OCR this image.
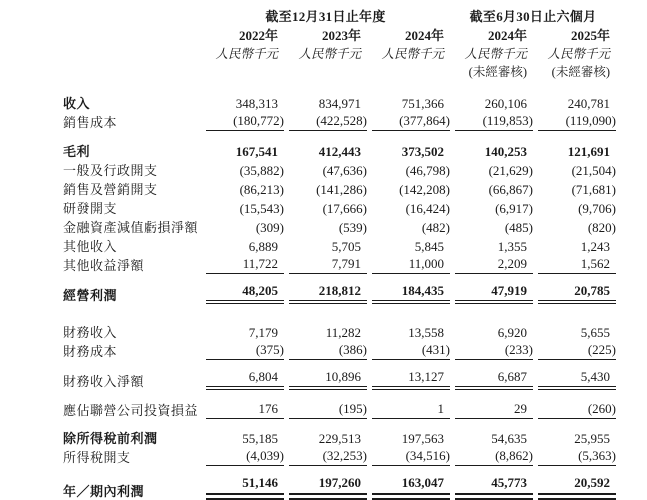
	截至12月31日止年度			截至6月30日止六個月	
	2022年	2023年	2024年	2024年	2025年
	人民幣千元	人民幣千元	人民幣千元	人民幣千元	人民幣千元
				(未經審核)	(未經審核)

收入	348,313	834,971	751,366	260,106	240,781
銷售成本	(180,772)	(422,528)	(377,864)	(119,853)	(119,090)

毛利	167,541	412,443	373,502	140,253	121,691
一般及行政開支	(35,882)	(47,636)	(46,798)	(21,629)	(21,504)
銷售及營銷開支	(86,213)	(141,286)	(142,208)	(66,867)	(71,681)
研發開支	(15,543)	(17,666)	(16,424)	(6,917)	(9,706)
金融資產減值虧損淨額	(309)	(539)	(482)	(485)	(820)
其他收入	6,889	5,705	5,845	1,355	1,243
其他收益淨額	11,722	7,791	11,000	2,209	1,562

經營利潤	48,205	218,812	184,435	47,919	20,785

財務收入	7,179	11,282	13,558	6,920	5,655
財務成本	(375)	(386)	(431)	(233)	(225)

財務收入淨額	6,804	10,896	13,127	6,687	5,430

應佔聯營公司投資損益	176	(195)	1	29	(260)

除所得稅前利潤	55,185	229,513	197,563	54,635	25,955
所得稅開支	(4,039)	(32,253)	(34,516)	(8,862)	(5,363)

年／期內利潤	51,146	197,260	163,047	45,773	20,592
